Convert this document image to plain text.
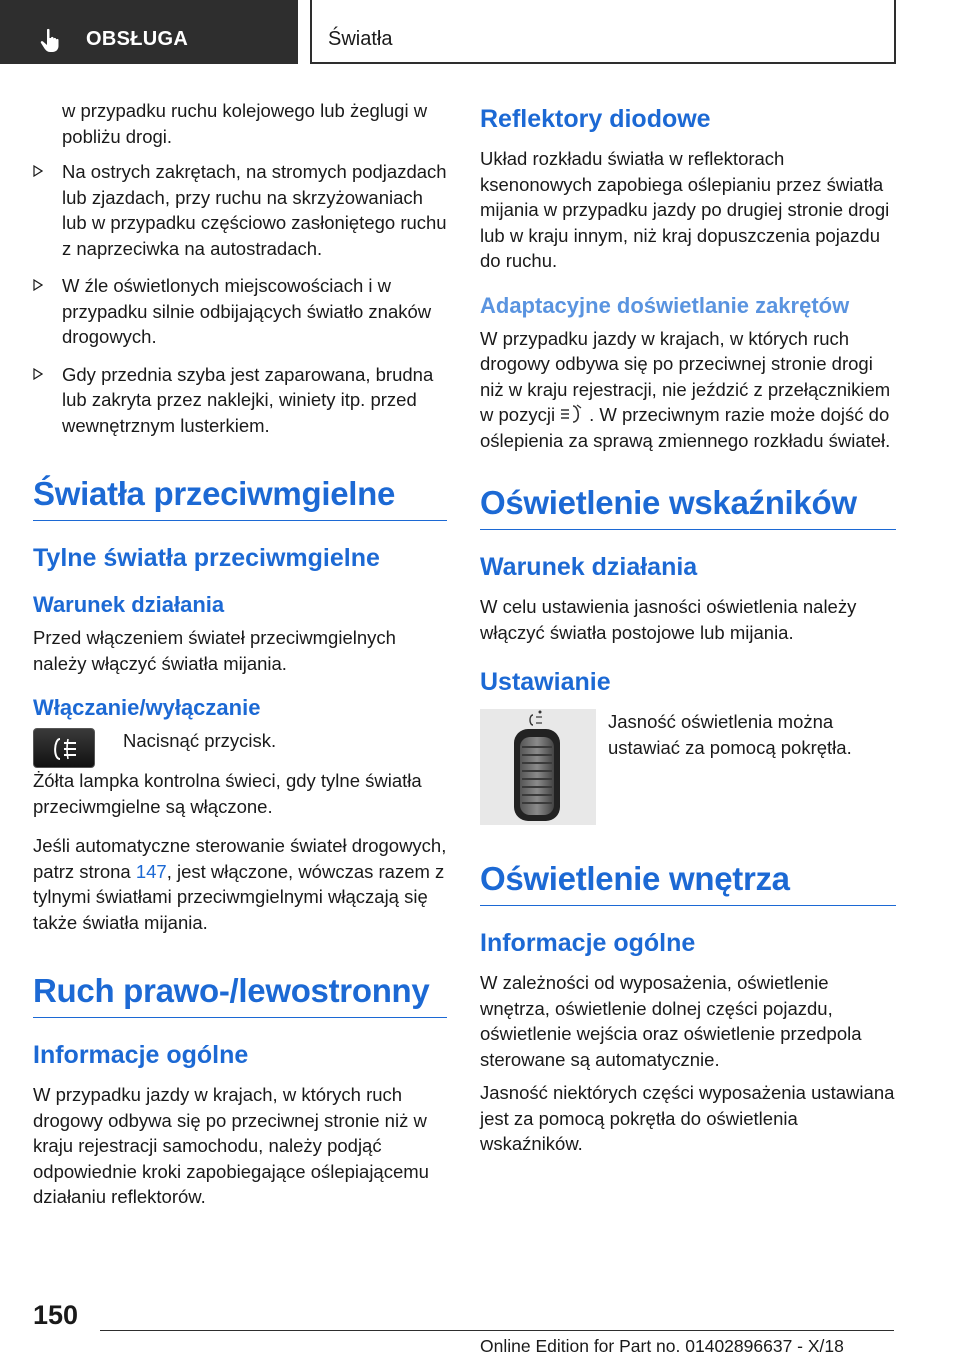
OBSŁUGA	Światła

w przypadku ruchu kolejowego lub żeglugi w pobliżu drogi.

Na ostrych zakrętach, na stromych podjazdach lub zjazdach, przy ruchu na skrzyżowaniach lub w przypadku częściowo zasłoniętego ruchu z naprzeciwka na autostradach.
W źle oświetlonych miejscowościach i w przypadku silnie odbijających światło znaków drogowych.
Gdy przednia szyba jest zaparowana, brudna lub zakryta przez naklejki, winiety itp. przed wewnętrznym lusterkiem.
Światła przeciwmgielne
Tylne światła przeciwmgielne
Warunek działania

Przed włączeniem świateł przeciwmgielnych należy włączyć światła mijania.

Włączanie/wyłączanie

Nacisnąć przycisk.

Żółta lampka kontrolna świeci, gdy tylne światła przeciwmgielne są włączone.

Jeśli automatyczne sterowanie świateł drogowych, patrz strona 147, jest włączone, wówczas razem z tylnymi światłami przeciwmgielnymi włączają się także światła mijania.

Ruch prawo-/lewostronny
Informacje ogólne

W przypadku jazdy w krajach, w których ruch drogowy odbywa się po przeciwnej stronie niż w kraju rejestracji samochodu, należy podjąć odpowiednie kroki zapobiegające oślepiającemu działaniu reflektorów.

Reflektory diodowe

Układ rozkładu światła w reflektorach ksenonowych zapobiega oślepianiu przez światła mijania w przypadku jazdy po drugiej stronie drogi lub w kraju innym, niż kraj dopuszczenia pojazdu do ruchu.

Adaptacyjne doświetlanie zakrętów

W przypadku jazdy w krajach, w których ruch drogowy odbywa się po przeciwnej stronie drogi niż w kraju rejestracji, nie jeździć z przełącznikiem w pozycji . W przeciwnym razie może dojść do oślepienia za sprawą zmiennego rozkładu świateł.

Oświetlenie wskaźników
Warunek działania

W celu ustawienia jasności oświetlenia należy włączyć światła postojowe lub mijania.

Ustawianie

Jasność oświetlenia można ustawiać za pomocą pokrętła.

Oświetlenie wnętrza
Informacje ogólne

W zależności od wyposażenia, oświetlenie wnętrza, oświetlenie dolnej części pojazdu, oświetlenie wejścia oraz oświetlenie przedpola sterowane są automatycznie.

Jasność niektórych części wyposażenia ustawiana jest za pomocą pokrętła do oświetlenia wskaźników.

150
Online Edition for Part no. 01402896637 - X/18
